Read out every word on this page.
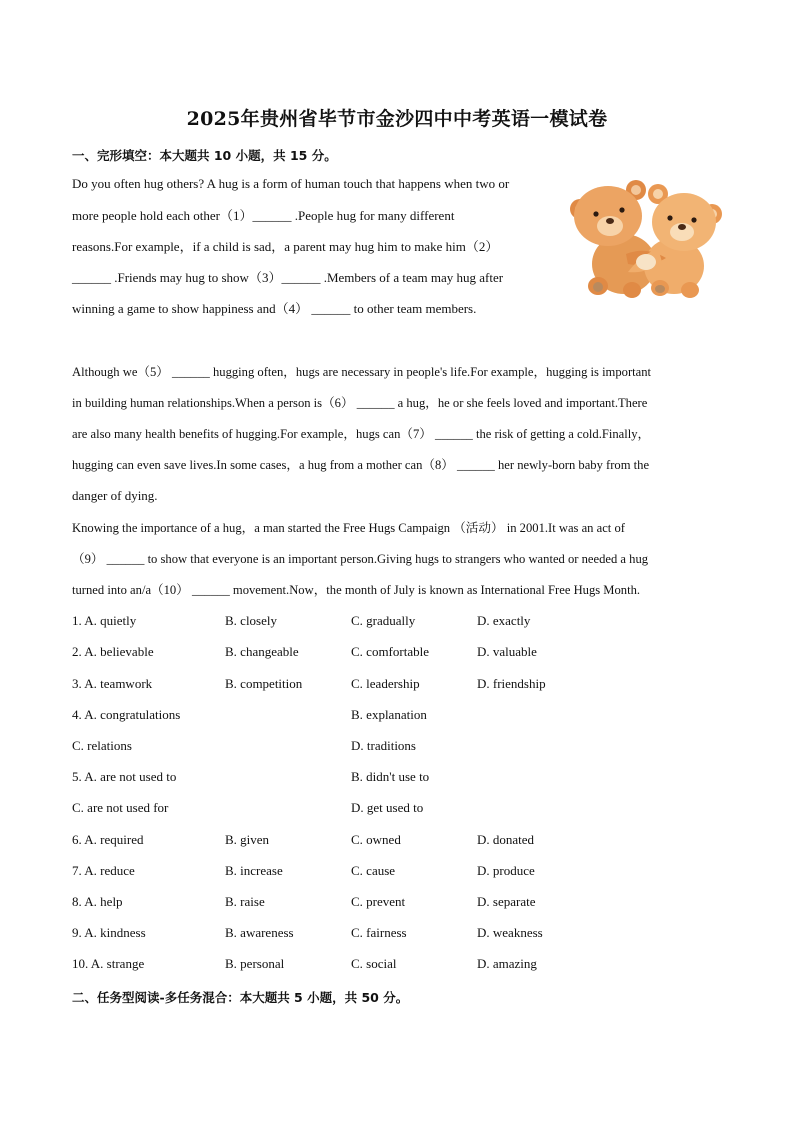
2025年贵州省毕节市金沙四中中考英语一模试卷
一、完形填空：本大题共 10 小题，共 15 分。
Do you often hug others? A hug is a form of human touch that happens when two or
more people hold each other（1）______ .People hug for many different
reasons.For example，if a child is sad，a parent may hug him to make him（2）
______ .Friends may hug to show（3）______ .Members of a team may hug after
winning a game to show happiness and（4） ______ to other team members.
Although we（5） ______ hugging often，hugs are necessary in people's life.For example，hugging is important
in building human relationships.When a person is（6） ______ a hug，he or she feels loved and important.There
are also many health benefits of hugging.For example，hugs can（7） ______ the risk of getting a cold.Finally，
hugging can even save lives.In some cases，a hug from a mother can（8） ______ her newly-born baby from the
danger of dying.
Knowing the importance of a hug，a man started the Free Hugs Campaign （活动） in 2001.It was an act of
（9） ______ to show that everyone is an important person.Giving hugs to strangers who wanted or needed a hug
turned into an/a（10） ______ movement.Now，the month of July is known as International Free Hugs Month.
1. A. quietly	B. closely	C. gradually	D. exactly
2. A. believable	B. changeable	C. comfortable	D. valuable
3. A. teamwork	B. competition	C. leadership	D. friendship
4. A. congratulations	B. explanation
C. relations	D. traditions
5. A. are not used to	B. didn't use to
C. are not used for	D. get used to
6. A. required	B. given	C. owned	D. donated
7. A. reduce	B. increase	C. cause	D. produce
8. A. help	B. raise	C. prevent	D. separate
9. A. kindness	B. awareness	C. fairness	D. weakness
10. A. strange	B. personal	C. social	D. amazing
二、任务型阅读-多任务混合：本大题共 5 小题，共 50 分。
